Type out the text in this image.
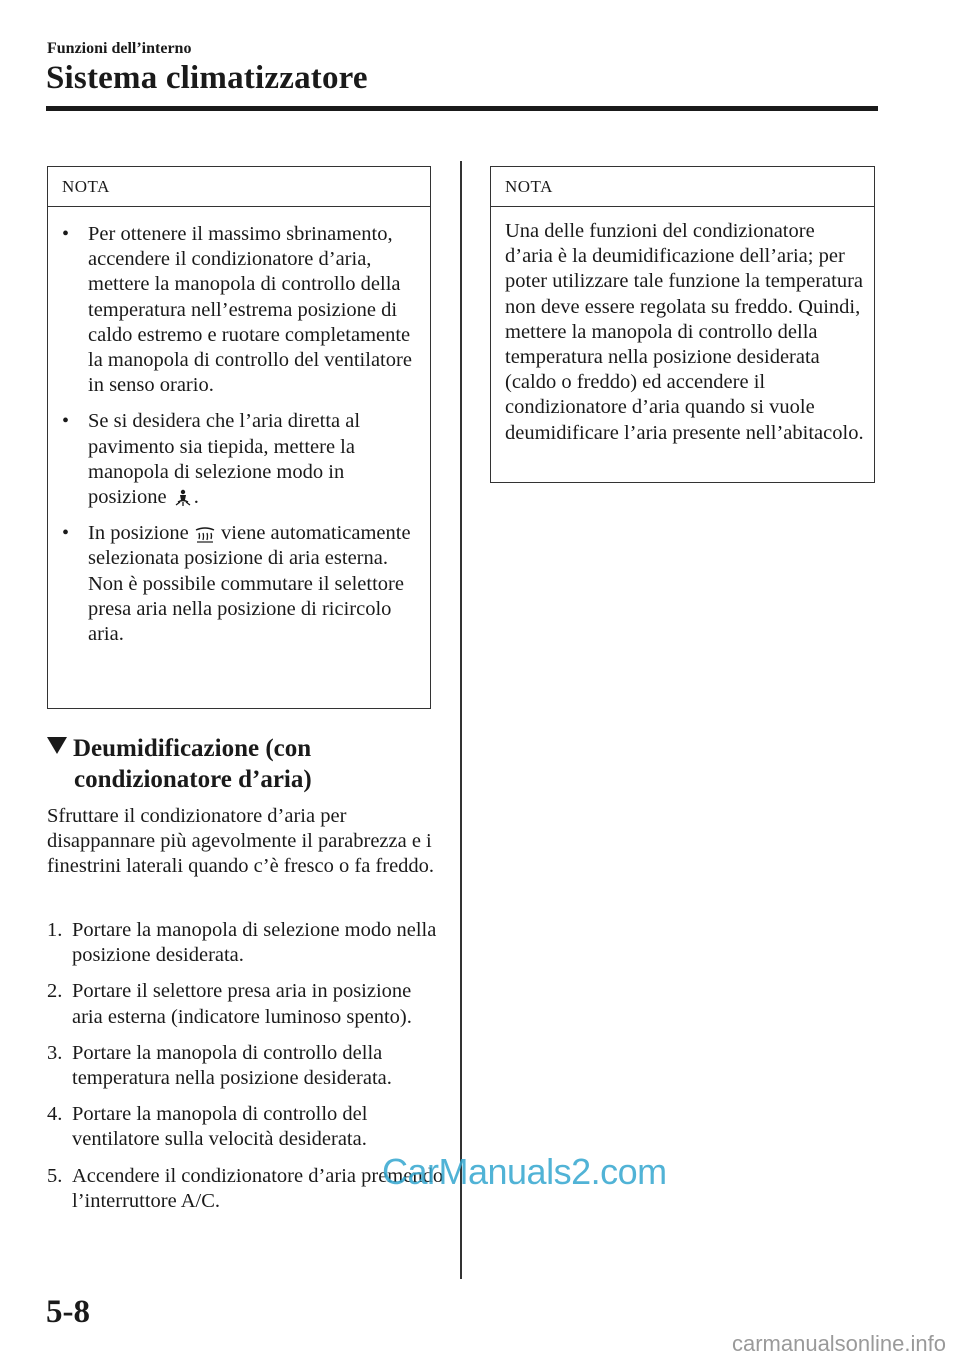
Funzioni dell’interno
Sistema climatizzatore
NOTA
• Per ottenere il massimo sbrinamento, accendere il condizionatore d’aria, mettere la manopola di controllo della temperatura nell’estrema posizione di caldo estremo e ruotare completamente la manopola di controllo del ventilatore in senso orario.
• Se si desidera che l’aria diretta al pavimento sia tiepida, mettere la manopola di selezione modo in posizione .
• In posizione viene automaticamente selezionata posizione di aria esterna. Non è possibile commutare il selettore presa aria nella posizione di ricircolo aria.
Deumidificazione (con
condizionatore d’aria)
Sfruttare il condizionatore d’aria per disappannare più agevolmente il parabrezza e i finestrini laterali quando c’è fresco o fa freddo.
1. Portare la manopola di selezione modo nella posizione desiderata.
2. Portare il selettore presa aria in posizione aria esterna (indicatore luminoso spento).
3. Portare la manopola di controllo della temperatura nella posizione desiderata.
4. Portare la manopola di controllo del ventilatore sulla velocità desiderata.
5. Accendere il condizionatore d’aria premendo l’interruttore A/C.
NOTA
Una delle funzioni del condizionatore d’aria è la deumidificazione dell’aria; per poter utilizzare tale funzione la temperatura non deve essere regolata su freddo. Quindi, mettere la manopola di controllo della temperatura nella posizione desiderata (caldo o freddo) ed accendere il condizionatore d’aria quando si vuole deumidificare l’aria presente nell’abitacolo.
5-8
CarManuals2.com
carmanualsonline.info
